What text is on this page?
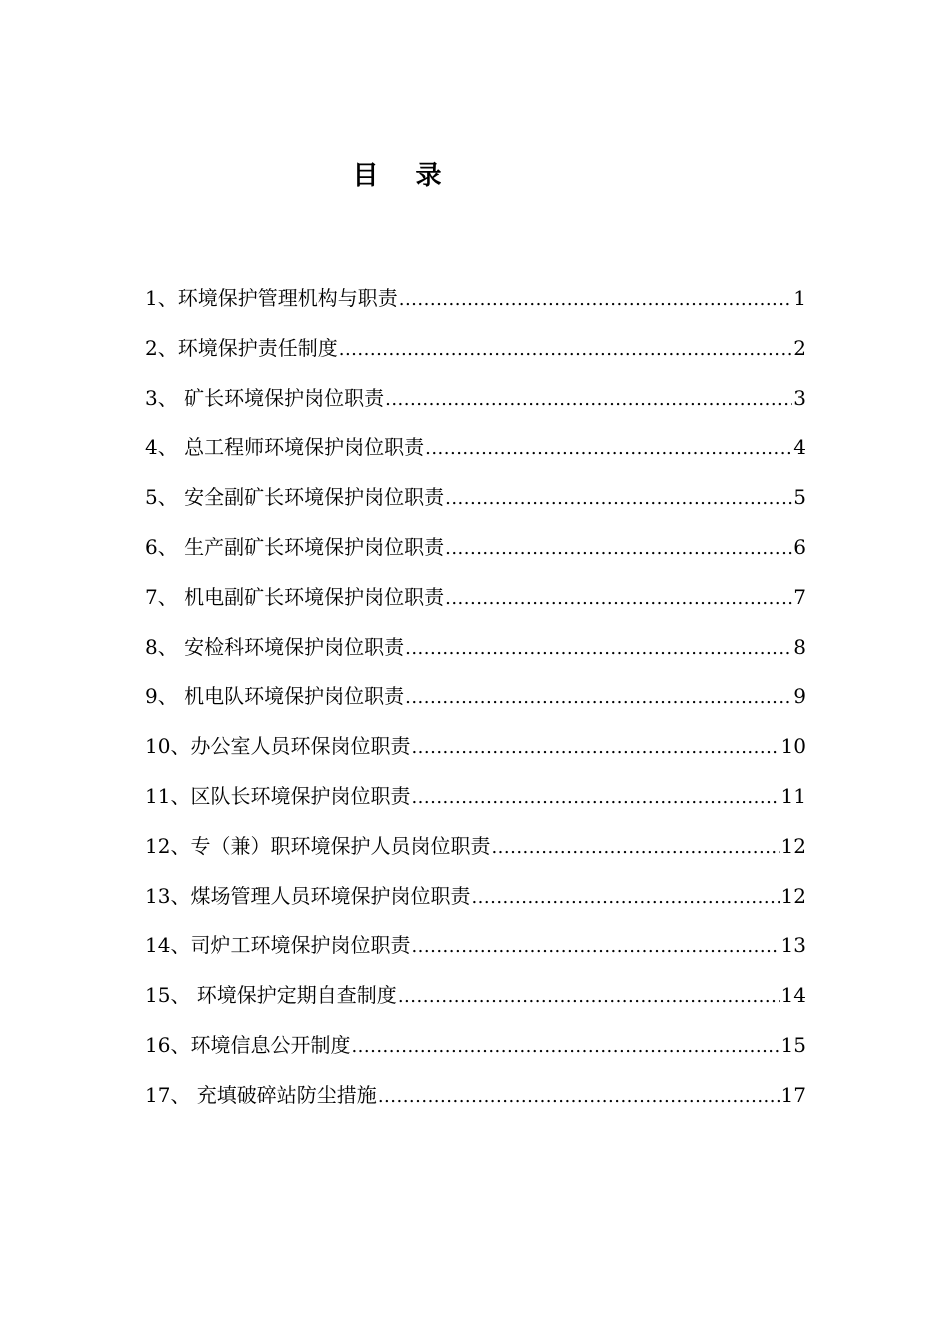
目 录
1、环境保护管理机构与职责 .....	1
2、环境保护责任制度 .....	2
3、 矿长环境保护岗位职责 .....	3
4、 总工程师环境保护岗位职责 .....	4
5、 安全副矿长环境保护岗位职责 .....	5
6、 生产副矿长环境保护岗位职责 .....	6
7、 机电副矿长环境保护岗位职责 .....	7
8、 安检科环境保护岗位职责 .....	8
9、 机电队环境保护岗位职责 .....	9
10、办公室人员环保岗位职责 .....	10
11、区队长环境保护岗位职责 .....	11
12、专（兼）职环境保护人员岗位职责 .....	12
13、煤场管理人员环境保护岗位职责 .....	12
14、司炉工环境保护岗位职责 .....	13
15、 环境保护定期自查制度 .....	14
16、环境信息公开制度 .....	15
17、 充填破碎站防尘措施 .....	17
